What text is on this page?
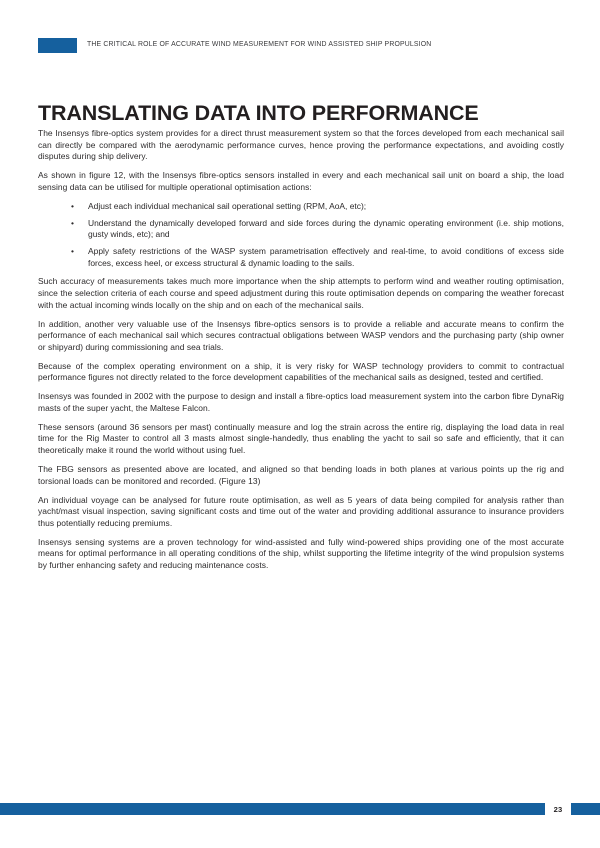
THE CRITICAL ROLE OF ACCURATE WIND MEASUREMENT FOR WIND ASSISTED SHIP PROPULSION
TRANSLATING DATA INTO PERFORMANCE

The Insensys fibre-optics system provides for a direct thrust measurement system so that the forces developed from each mechanical sail can directly be compared with the aerodynamic performance curves, hence proving the performance expectations, and avoiding costly disputes during ship delivery.

As shown in figure 12, with the Insensys fibre-optics sensors installed in every and each mechanical sail unit on board a ship, the load sensing data can be utilised for multiple operational optimisation actions:

• Adjust each individual mechanical sail operational setting (RPM, AoA, etc);
• Understand the dynamically developed forward and side forces during the dynamic operating environment (i.e. ship motions, gusty winds, etc); and
• Apply safety restrictions of the WASP system parametrisation effectively and real-time, to avoid conditions of excess side forces, excess heel, or excess structural & dynamic loading to the sails.

Such accuracy of measurements takes much more importance when the ship attempts to perform wind and weather routing optimisation, since the selection criteria of each course and speed adjustment during this route optimisation depends on comparing the weather forecast with the actual incoming winds locally on the ship and on each of the mechanical sails.

In addition, another very valuable use of the Insensys fibre-optics sensors is to provide a reliable and accurate means to confirm the performance of each mechanical sail which secures contractual obligations between WASP vendors and the purchasing party (ship owner or shipyard) during commissioning and sea trials.

Because of the complex operating environment on a ship, it is very risky for WASP technology providers to commit to contractual performance figures not directly related to the force development capabilities of the mechanical sails as designed, tested and certified.

Insensys was founded in 2002 with the purpose to design and install a fibre-optics load measurement system into the carbon fibre DynaRig masts of the super yacht, the Maltese Falcon.

These sensors (around 36 sensors per mast) continually measure and log the strain across the entire rig, displaying the load data in real time for the Rig Master to control all 3 masts almost single-handedly, thus enabling the yacht to sail so safe and efficiently, that it can theoretically make it round the world without using fuel.

The FBG sensors as presented above are located, and aligned so that bending loads in both planes at various points up the rig and torsional loads can be monitored and recorded. (Figure 13)

An individual voyage can be analysed for future route optimisation, as well as 5 years of data being compiled for analysis rather than yacht/mast visual inspection, saving significant costs and time out of the water and providing additional assurance to insurance providers thus potentially reducing premiums.

Insensys sensing systems are a proven technology for wind-assisted and fully wind-powered ships providing one of the most accurate means for optimal performance in all operating conditions of the ship, whilst supporting the lifetime integrity of the wind propulsion systems by further enhancing safety and reducing maintenance costs.

23
